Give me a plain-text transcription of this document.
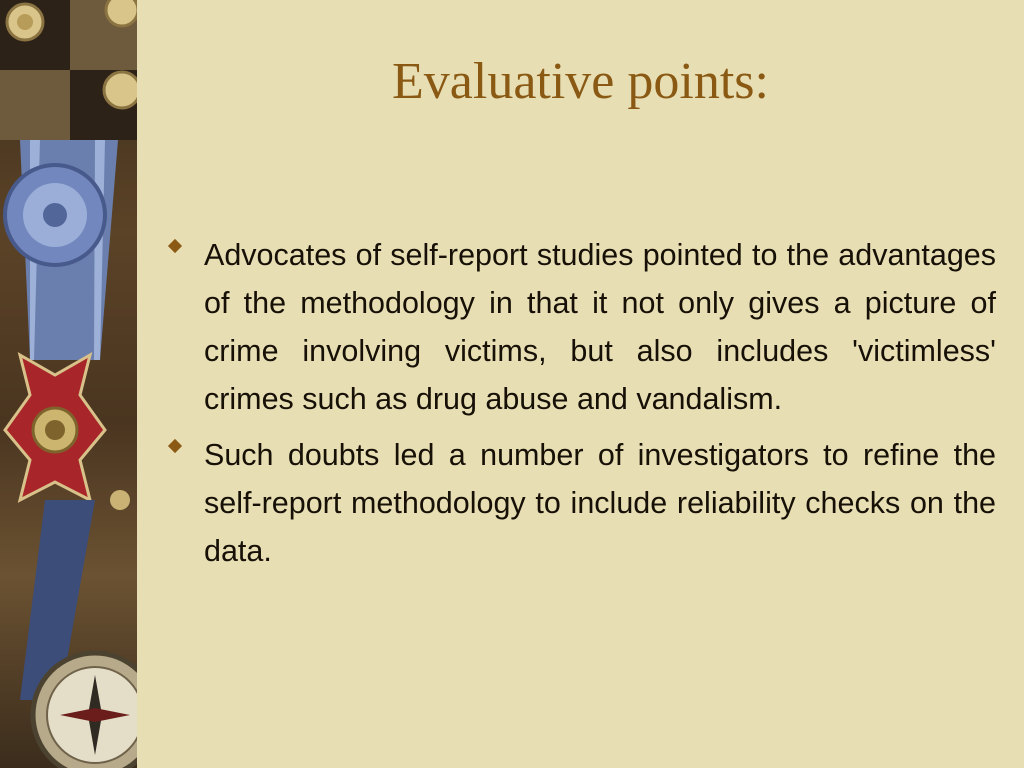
Evaluative points:
Advocates of self-report studies pointed to the advantages of the methodology in that it not only gives a picture of crime involving victims, but also includes 'victimless' crimes such as drug abuse and vandalism.
Such doubts led a number of investigators to refine the self-report methodology to include reliability checks on the data.
